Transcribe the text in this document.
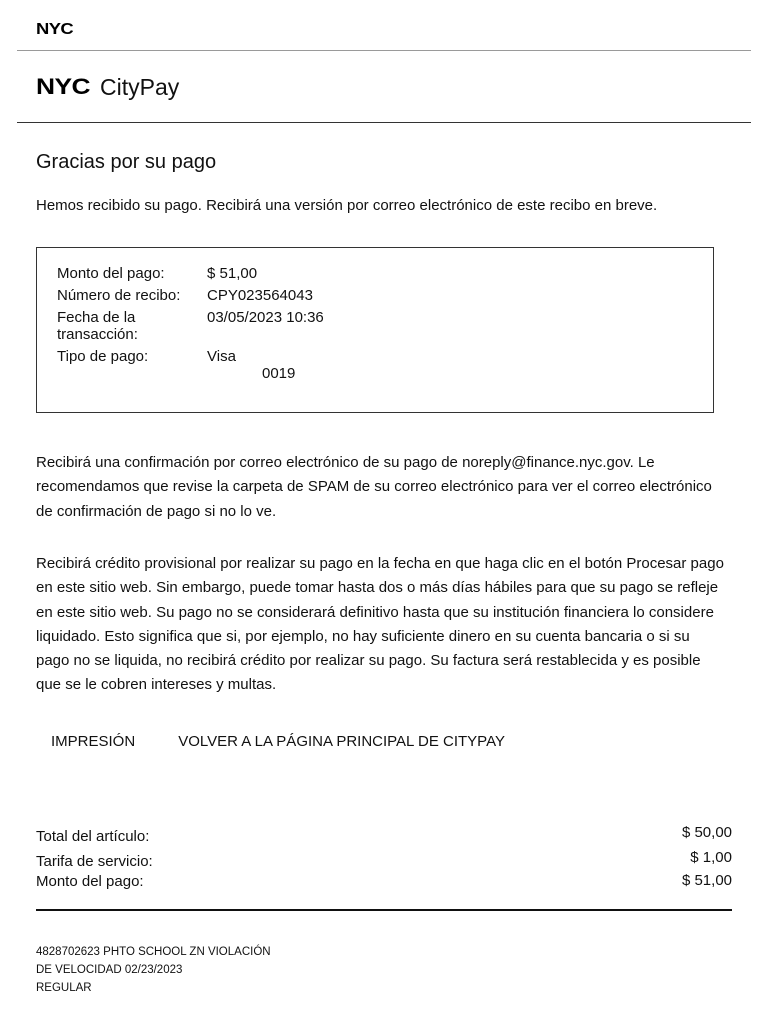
NYC
NYC CityPay
Gracias por su pago
Hemos recibido su pago. Recibirá una versión por correo electrónico de este recibo en breve.
Monto del pago:	$ 51,00
Número de recibo:	CPY023564043
Fecha de la
transacción:
03/05/2023 10:36
Tipo de pago:	Visa
0019
Recibirá una confirmación por correo electrónico de su pago de noreply@finance.nyc.gov. Le recomendamos que revise la carpeta de SPAM de su correo electrónico para ver el correo electrónico de confirmación de pago si no lo ve.
Recibirá crédito provisional por realizar su pago en la fecha en que haga clic en el botón Procesar pago en este sitio web. Sin embargo, puede tomar hasta dos o más días hábiles para que su pago se refleje en este sitio web. Su pago no se considerará definitivo hasta que su institución financiera lo considere liquidado. Esto significa que si, por ejemplo, no hay suficiente dinero en su cuenta bancaria o si su pago no se liquida, no recibirá crédito por realizar su pago. Su factura será restablecida y es posible que se le cobren intereses y multas.
IMPRESIÓN	VOLVER A LA PÁGINA PRINCIPAL DE CITYPAY
Total del artículo:	$ 50,00
Tarifa de servicio:	$ 1,00
Monto del pago:	$ 51,00
4828702623 PHTO SCHOOL ZN VIOLACIÓN
DE VELOCIDAD 02/23/2023
REGULAR
